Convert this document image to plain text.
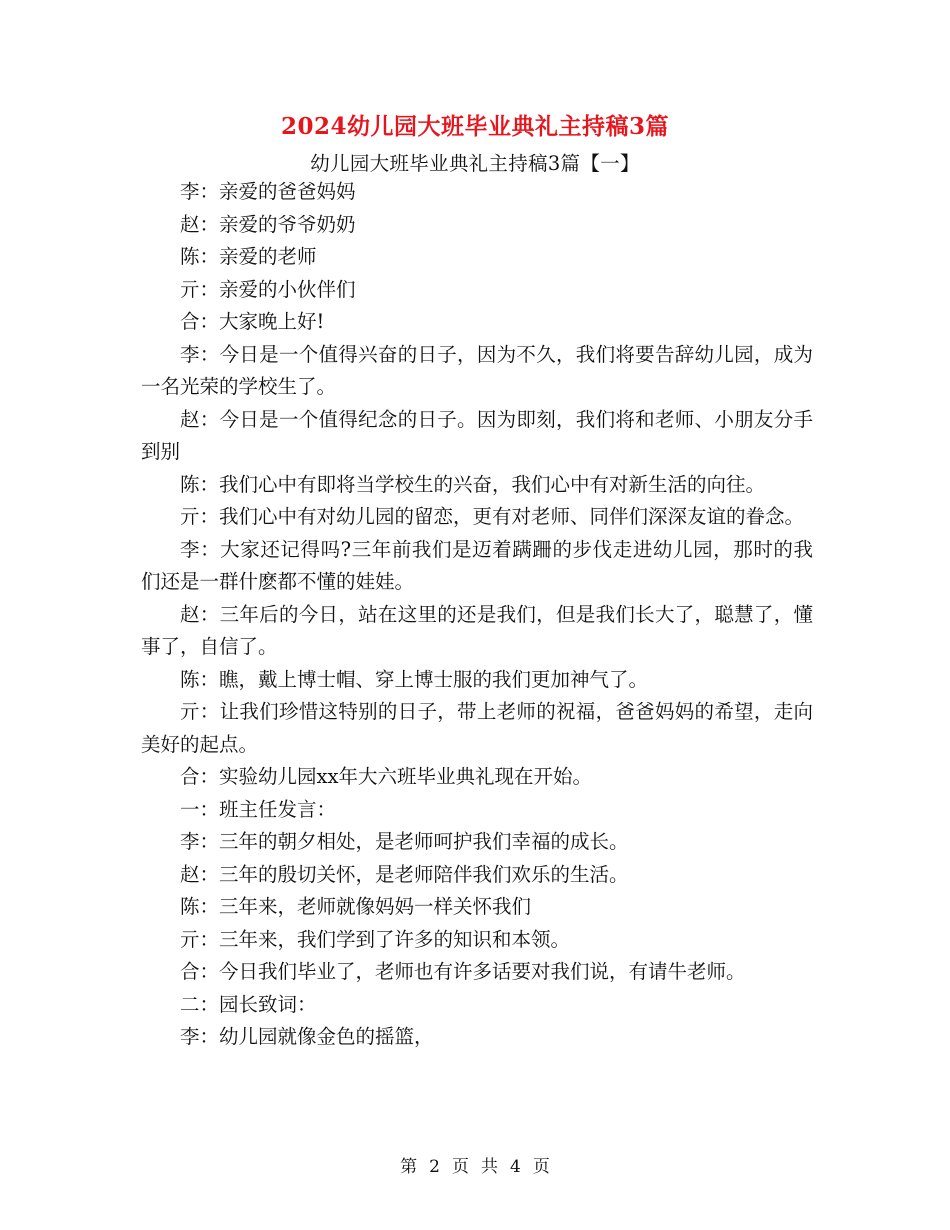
2024幼儿园大班毕业典礼主持稿3篇
幼儿园大班毕业典礼主持稿3篇【一】

李：亲爱的爸爸妈妈

赵：亲爱的爷爷奶奶

陈：亲爱的老师

亓：亲爱的小伙伴们

合：大家晚上好!

李：今日是一个值得兴奋的日子，因为不久，我们将要告辞幼儿园，成为一名光荣的学校生了。

赵：今日是一个值得纪念的日子。因为即刻，我们将和老师、小朋友分手到别

陈：我们心中有即将当学校生的兴奋，我们心中有对新生活的向往。

亓：我们心中有对幼儿园的留恋，更有对老师、同伴们深深友谊的眷念。

李：大家还记得吗?三年前我们是迈着蹒跚的步伐走进幼儿园，那时的我们还是一群什麽都不懂的娃娃。

赵：三年后的今日，站在这里的还是我们，但是我们长大了，聪慧了，懂事了，自信了。

陈：瞧，戴上博士帽、穿上博士服的我们更加神气了。

亓：让我们珍惜这特别的日子，带上老师的祝福，爸爸妈妈的希望，走向美好的起点。

合：实验幼儿园xx年大六班毕业典礼现在开始。

一：班主任发言：

李：三年的朝夕相处，是老师呵护我们幸福的成长。

赵：三年的殷切关怀，是老师陪伴我们欢乐的生活。

陈：三年来，老师就像妈妈一样关怀我们

亓：三年来，我们学到了许多的知识和本领。

合：今日我们毕业了，老师也有许多话要对我们说，有请牛老师。

二：园长致词：

李：幼儿园就像金色的摇篮，

第 2 页 共 4 页
